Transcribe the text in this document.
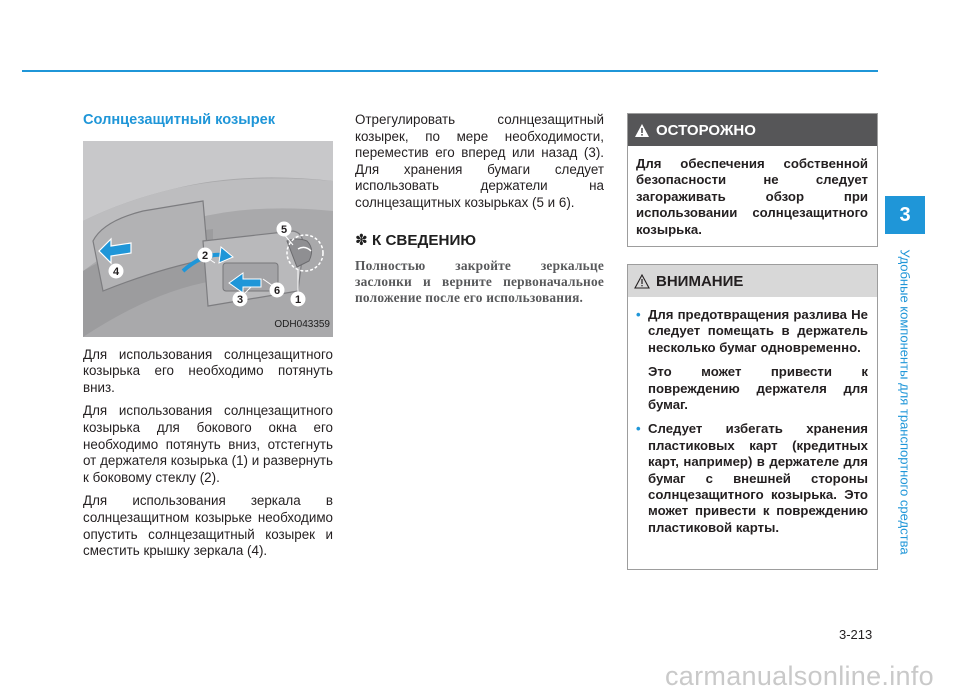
Солнцезащитный козырек
1
2
3
4
5
6
ODH043359

Для использования солнцезащитного козырька его необходимо потянуть вниз.

Для использования солнцезащитного козырька для бокового окна его необходимо потянуть вниз, отстегнуть от держателя козырька (1) и развернуть к боковому стеклу (2).

Для использования зеркала в солнцезащитном козырьке необходимо опустить солнцезащитный козырек и сместить крышку зеркала (4).

Отрегулировать солнцезащитный козырек, по мере необходимости, переместив его вперед или назад (3). Для хранения бумаги следует использовать держатели на солнцезащитных козырьках (5 и 6).

✽ К СВЕДЕНИЮ

Полностью закройте зеркальце заслонки и верните первоначальное положение после его использования.

ОСТОРОЖНО

Для обеспечения собственной безопасности не следует загораживать обзор при использовании солнцезащитного козырька.

ВНИМАНИЕ

• Для предотвращения разлива Не следует помещать в держатель несколько бумаг одновременно.

Это может привести к повреждению держателя для бумаг.

• Следует избегать хранения пластиковых карт (кредитных карт, например) в держателе для бумаг с внешней стороны солнцезащитного козырька. Это может привести к повреждению пластиковой карты.

3
Удобные компоненты для транспортного средства
3-213
carmanualsonline.info
